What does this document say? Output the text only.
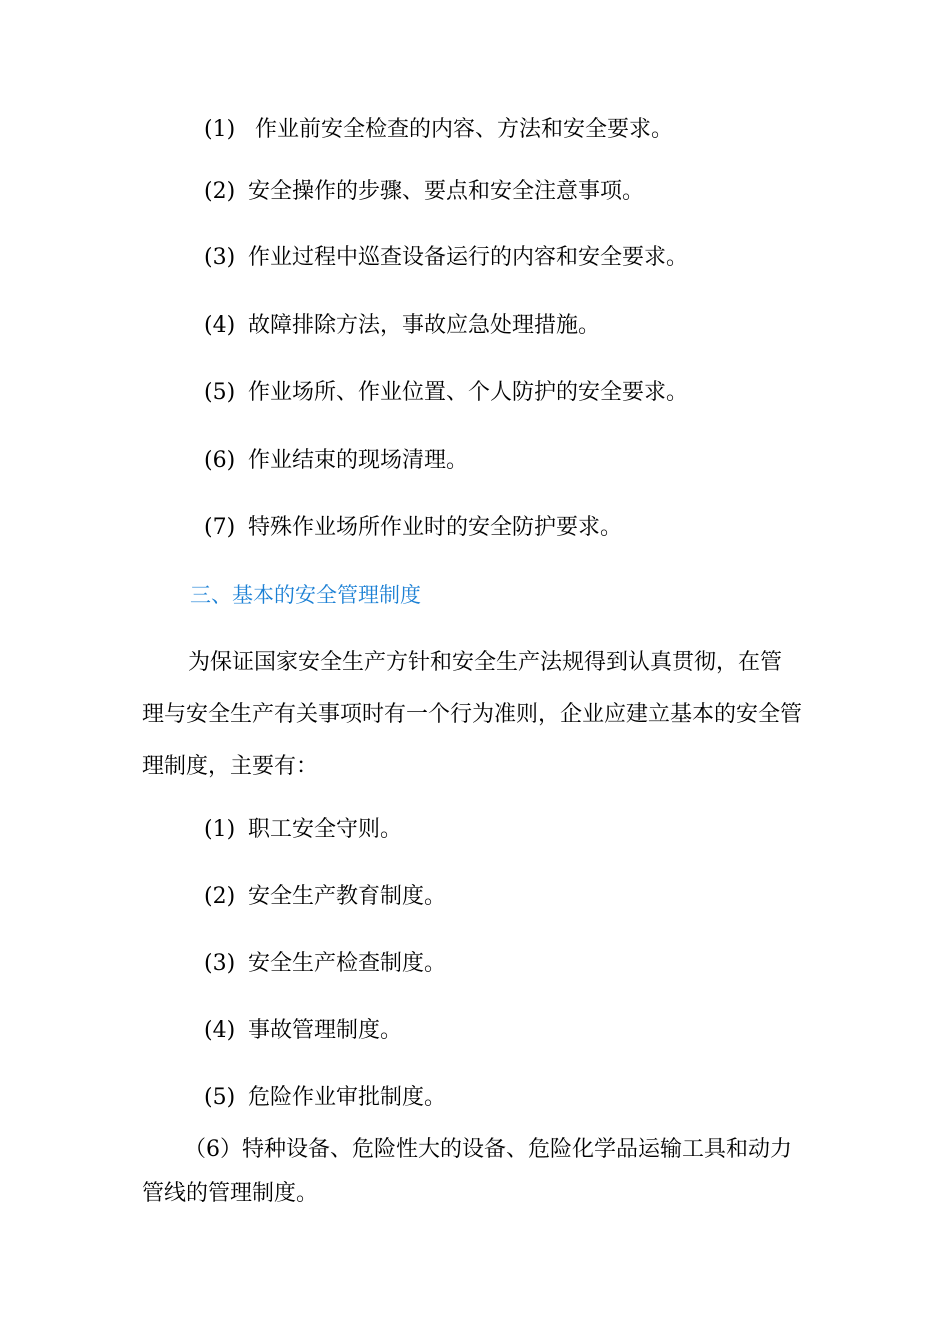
(1) 作业前安全检查的内容、方法和安全要求。
(2) 安全操作的步骤、要点和安全注意事项。
(3) 作业过程中巡查设备运行的内容和安全要求。
(4) 故障排除方法，事故应急处理措施。
(5) 作业场所、作业位置、个人防护的安全要求。
(6) 作业结束的现场清理。
(7) 特殊作业场所作业时的安全防护要求。
三、基本的安全管理制度
为保证国家安全生产方针和安全生产法规得到认真贯彻，在管理与安全生产有关事项时有一个行为准则，企业应建立基本的安全管理制度，主要有：
(1) 职工安全守则。
(2) 安全生产教育制度。
(3) 安全生产检查制度。
(4) 事故管理制度。
(5) 危险作业审批制度。
（6）特种设备、危险性大的设备、危险化学品运输工具和动力管线的管理制度。
